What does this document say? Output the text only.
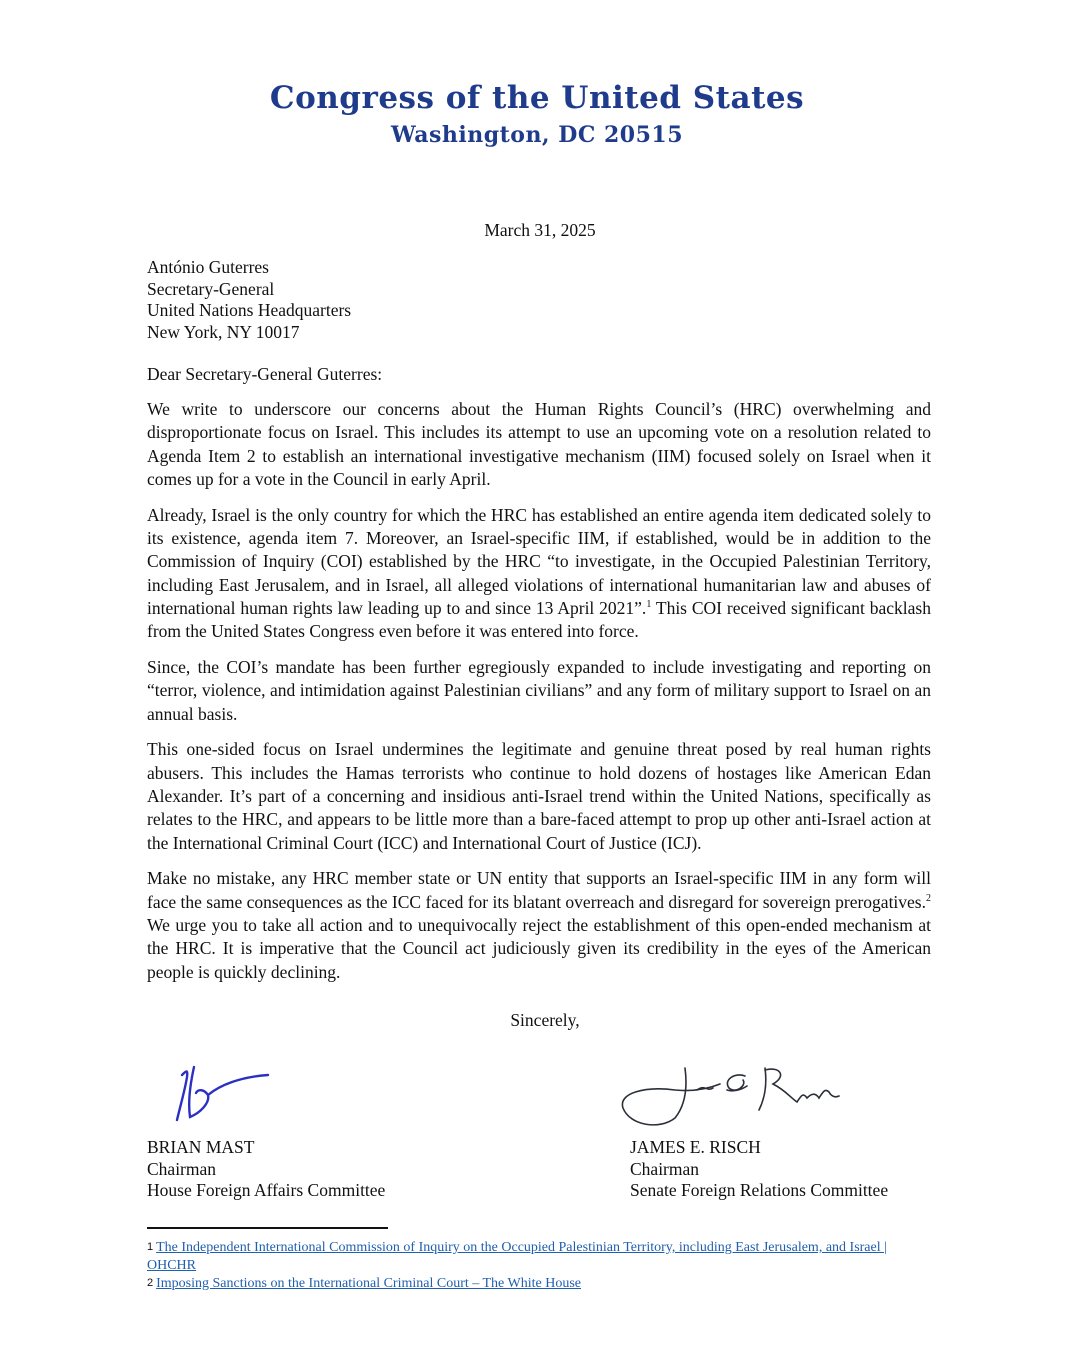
Congress of the United States
Washington, DC 20515
March 31, 2025
António Guterres
Secretary-General
United Nations Headquarters
New York, NY 10017
Dear Secretary-General Guterres:

We write to underscore our concerns about the Human Rights Council’s (HRC) overwhelming and disproportionate focus on Israel. This includes its attempt to use an upcoming vote on a resolution related to Agenda Item 2 to establish an international investigative mechanism (IIM) focused solely on Israel when it comes up for a vote in the Council in early April.

Already, Israel is the only country for which the HRC has established an entire agenda item dedicated solely to its existence, agenda item 7. Moreover, an Israel-specific IIM, if established, would be in addition to the Commission of Inquiry (COI) established by the HRC “to investigate, in the Occupied Palestinian Territory, including East Jerusalem, and in Israel, all alleged violations of international humanitarian law and abuses of international human rights law leading up to and since 13 April 2021”.$^1$ This COI received significant backlash from the United States Congress even before it was entered into force.

Since, the COI’s mandate has been further egregiously expanded to include investigating and reporting on “terror, violence, and intimidation against Palestinian civilians” and any form of military support to Israel on an annual basis.

This one-sided focus on Israel undermines the legitimate and genuine threat posed by real human rights abusers. This includes the Hamas terrorists who continue to hold dozens of hostages like American Edan Alexander. It’s part of a concerning and insidious anti-Israel trend within the United Nations, specifically as relates to the HRC, and appears to be little more than a bare-faced attempt to prop up other anti-Israel action at the International Criminal Court (ICC) and International Court of Justice (ICJ).

Make no mistake, any HRC member state or UN entity that supports an Israel-specific IIM in any form will face the same consequences as the ICC faced for its blatant overreach and disregard for sovereign prerogatives.$^2$ We urge you to take all action and to unequivocally reject the establishment of this open-ended mechanism at the HRC. It is imperative that the Council act judiciously given its credibility in the eyes of the American people is quickly declining.

Sincerely,
BRIAN MAST
Chairman
House Foreign Affairs Committee
JAMES E. RISCH
Chairman
Senate Foreign Relations Committee
$^1$ The Independent International Commission of Inquiry on the Occupied Palestinian Territory, including East Jerusalem, and Israel | OHCHR
$^2$ Imposing Sanctions on the International Criminal Court – The White House
